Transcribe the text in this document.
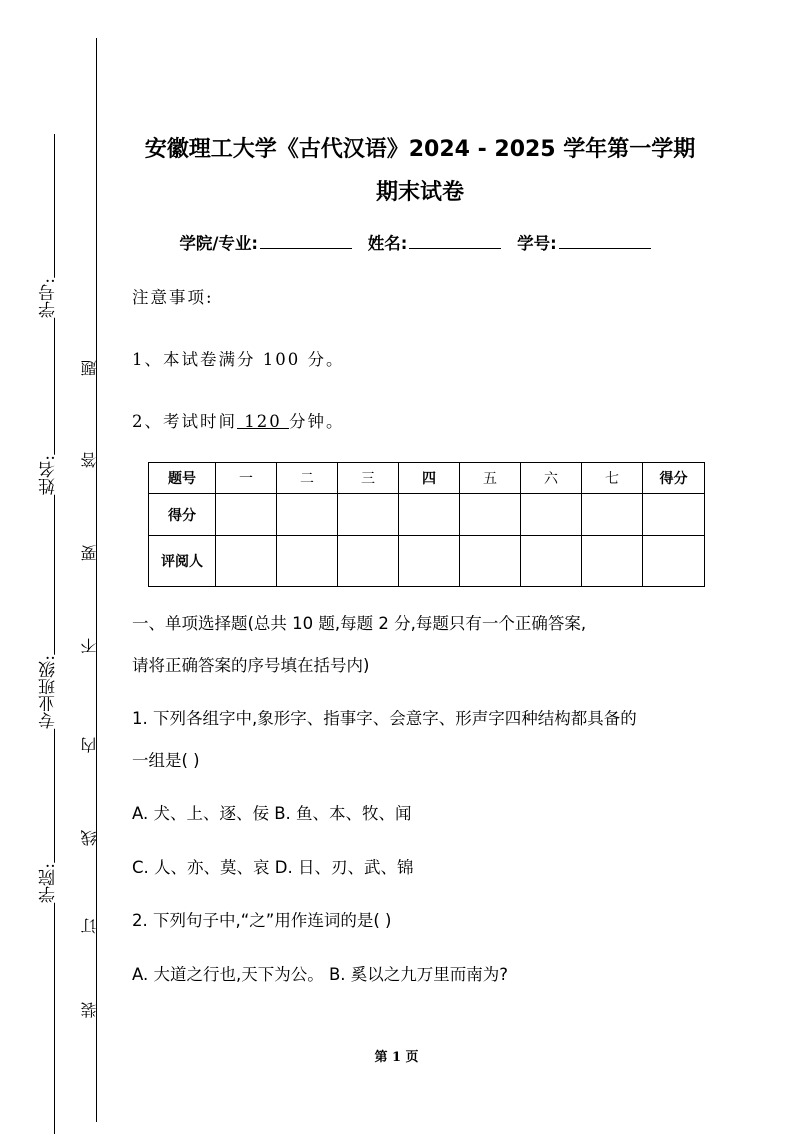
学号:
姓名:
专业班级:
学院:
题
答
要
不
内
线
订
装
安徽理工大学《古代汉语》2024 - 2025 学年第一学期
期末试卷
学院/专业:	姓名:	学号:
注意事项:
1、本试卷满分 100 分。
2、考试时间 120 分钟。
题号	一	二	三	四	五	六	七	得分
得分								
评阅人								
一、单项选择题(总共 10 题,每题 2 分,每题只有一个正确答案,
请将正确答案的序号填在括号内)
1. 下列各组字中,象形字、指事字、会意字、形声字四种结构都具备的
一组是( )
A. 犬、上、逐、佞 B. 鱼、本、牧、闻
C. 人、亦、莫、哀 D. 日、刃、武、锦
2. 下列句子中,“之”用作连词的是( )
A. 大道之行也,天下为公。 B. 奚以之九万里而南为?
第 1 页
